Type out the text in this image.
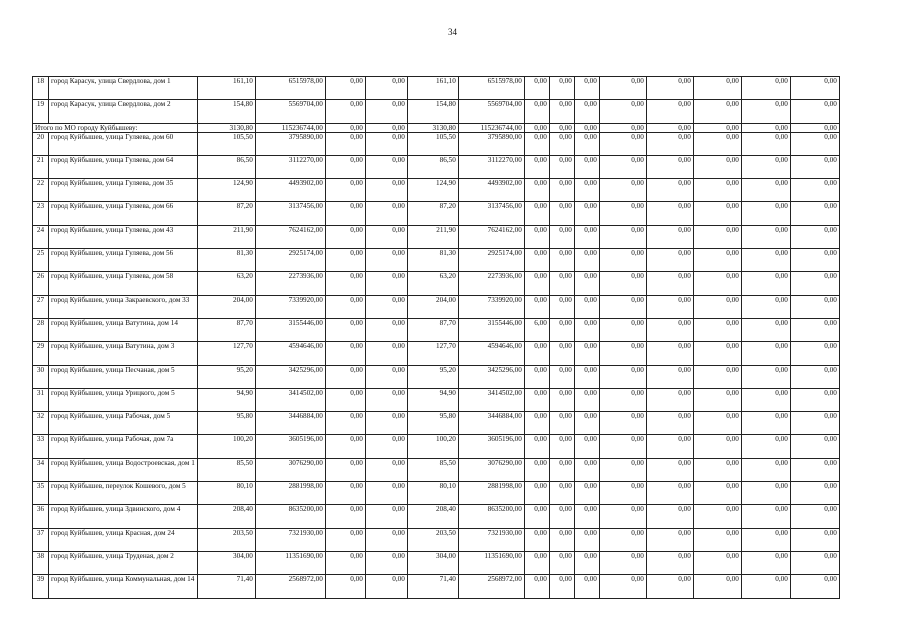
34
18	город Карасук, улица Свердлова, дом 1	161,10	6515978,00	0,00	0,00	161,10	6515978,00	0,00	0,00	0,00	0,00	0,00	0,00	0,00	0,00
19	город Карасук, улица Свердлова, дом 2	154,80	5569704,00	0,00	0,00	154,80	5569704,00	0,00	0,00	0,00	0,00	0,00	0,00	0,00	0,00
Итого по МО городу Куйбышеву:		3130,80	115236744,00	0,00	0,00	3130,80	115236744,00	0,00	0,00	0,00	0,00	0,00	0,00	0,00	0,00
20	город Куйбышев, улица Гуляева, дом 60	105,50	3795890,00	0,00	0,00	105,50	3795890,00	0,00	0,00	0,00	0,00	0,00	0,00	0,00	0,00
21	город Куйбышев, улица Гуляева, дом 64	86,50	3112270,00	0,00	0,00	86,50	3112270,00	0,00	0,00	0,00	0,00	0,00	0,00	0,00	0,00
22	город Куйбышев, улица Гуляева, дом 35	124,90	4493902,00	0,00	0,00	124,90	4493902,00	0,00	0,00	0,00	0,00	0,00	0,00	0,00	0,00
23	город Куйбышев, улица Гуляева, дом 66	87,20	3137456,00	0,00	0,00	87,20	3137456,00	0,00	0,00	0,00	0,00	0,00	0,00	0,00	0,00
24	город Куйбышев, улица Гуляева, дом 43	211,90	7624162,00	0,00	0,00	211,90	7624162,00	0,00	0,00	0,00	0,00	0,00	0,00	0,00	0,00
25	город Куйбышев, улица Гуляева, дом 56	81,30	2925174,00	0,00	0,00	81,30	2925174,00	0,00	0,00	0,00	0,00	0,00	0,00	0,00	0,00
26	город Куйбышев, улица Гуляева, дом 58	63,20	2273936,00	0,00	0,00	63,20	2273936,00	0,00	0,00	0,00	0,00	0,00	0,00	0,00	0,00
27	город Куйбышев, улица Закраевского, дом 33	204,00	7339920,00	0,00	0,00	204,00	7339920,00	0,00	0,00	0,00	0,00	0,00	0,00	0,00	0,00
28	город Куйбышев, улица Ватутина, дом 14	87,70	3155446,00	0,00	0,00	87,70	3155446,00	6,00	0,00	0,00	0,00	0,00	0,00	0,00	0,00
29	город Куйбышев, улица Ватутина, дом 3	127,70	4594646,00	0,00	0,00	127,70	4594646,00	0,00	0,00	0,00	0,00	0,00	0,00	0,00	0,00
30	город Куйбышев, улица Песчаная, дом 5	95,20	3425296,00	0,00	0,00	95,20	3425296,00	0,00	0,00	0,00	0,00	0,00	0,00	0,00	0,00
31	город Куйбышев, улица Урицкого, дом 5	94,90	3414502,00	0,00	0,00	94,90	3414502,00	0,00	0,00	0,00	0,00	0,00	0,00	0,00	0,00
32	город Куйбышев, улица Рабочая, дом 5	95,80	3446884,00	0,00	0,00	95,80	3446884,00	0,00	0,00	0,00	0,00	0,00	0,00	0,00	0,00
33	город Куйбышев, улица Рабочая, дом 7а	100,20	3605196,00	0,00	0,00	100,20	3605196,00	0,00	0,00	0,00	0,00	0,00	0,00	0,00	0,00
34	город Куйбышев, улица Водостроевская, дом 1	85,50	3076290,00	0,00	0,00	85,50	3076290,00	0,00	0,00	0,00	0,00	0,00	0,00	0,00	0,00
35	город Куйбышев, переулок Кошевого, дом 5	80,10	2881998,00	0,00	0,00	80,10	2881998,00	0,00	0,00	0,00	0,00	0,00	0,00	0,00	0,00
36	город Куйбышев, улица Здвинского, дом 4	208,40	8635200,00	0,00	0,00	208,40	8635200,00	0,00	0,00	0,00	0,00	0,00	0,00	0,00	0,00
37	город Куйбышев, улица Красная, дом 24	203,50	7321930,00	0,00	0,00	203,50	7321930,00	0,00	0,00	0,00	0,00	0,00	0,00	0,00	0,00
38	город Куйбышев, улица Труденая, дом 2	304,00	11351690,00	0,00	0,00	304,00	11351690,00	0,00	0,00	0,00	0,00	0,00	0,00	0,00	0,00
39	город Куйбышев, улица Коммунальная, дом 14	71,40	2568972,00	0,00	0,00	71,40	2568972,00	0,00	0,00	0,00	0,00	0,00	0,00	0,00	0,00
